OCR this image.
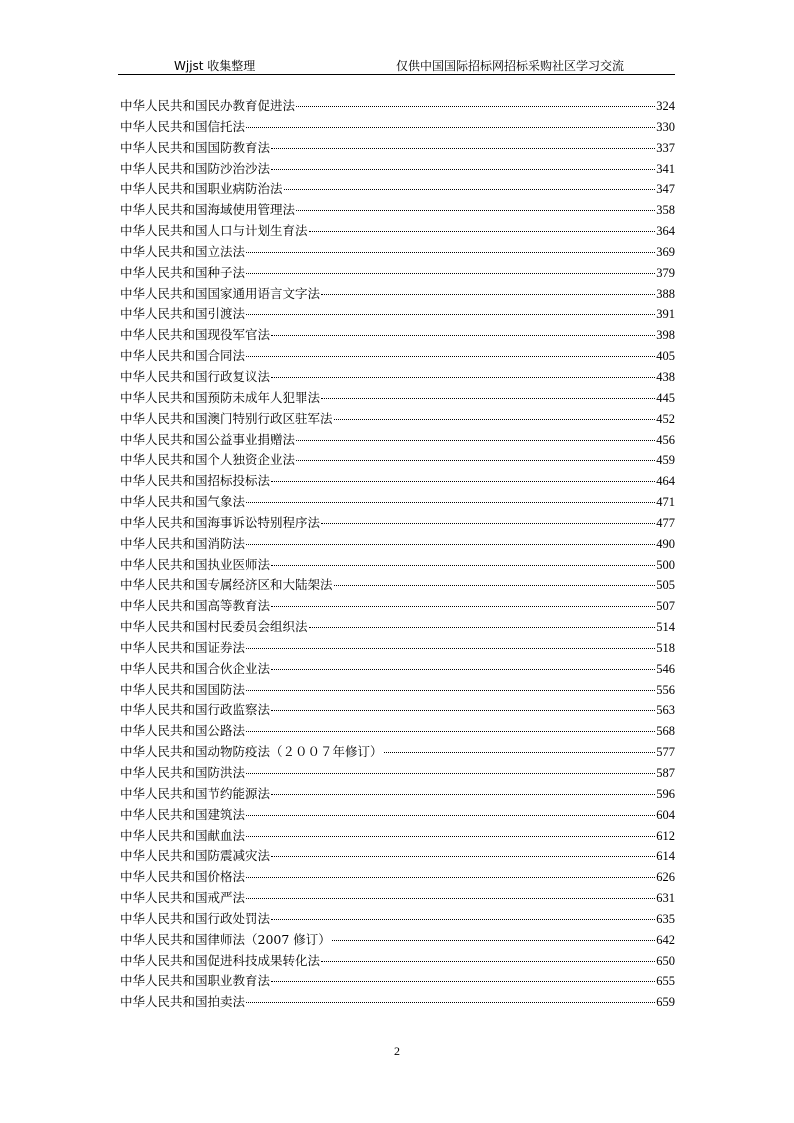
Wjjst 收集整理	仅供中国国际招标网招标采购社区学习交流
中华人民共和国民办教育促进法	324
中华人民共和国信托法	330
中华人民共和国国防教育法	337
中华人民共和国防沙治沙法	341
中华人民共和国职业病防治法	347
中华人民共和国海域使用管理法	358
中华人民共和国人口与计划生育法	364
中华人民共和国立法法	369
中华人民共和国种子法	379
中华人民共和国国家通用语言文字法	388
中华人民共和国引渡法	391
中华人民共和国现役军官法	398
中华人民共和国合同法	405
中华人民共和国行政复议法	438
中华人民共和国预防未成年人犯罪法	445
中华人民共和国澳门特别行政区驻军法	452
中华人民共和国公益事业捐赠法	456
中华人民共和国个人独资企业法	459
中华人民共和国招标投标法	464
中华人民共和国气象法	471
中华人民共和国海事诉讼特别程序法	477
中华人民共和国消防法	490
中华人民共和国执业医师法	500
中华人民共和国专属经济区和大陆架法	505
中华人民共和国高等教育法	507
中华人民共和国村民委员会组织法	514
中华人民共和国证券法	518
中华人民共和国合伙企业法	546
中华人民共和国国防法	556
中华人民共和国行政监察法	563
中华人民共和国公路法	568
中华人民共和国动物防疫法（２００７年修订）	577
中华人民共和国防洪法	587
中华人民共和国节约能源法	596
中华人民共和国建筑法	604
中华人民共和国献血法	612
中华人民共和国防震减灾法	614
中华人民共和国价格法	626
中华人民共和国戒严法	631
中华人民共和国行政处罚法	635
中华人民共和国律师法（2007 修订）	642
中华人民共和国促进科技成果转化法	650
中华人民共和国职业教育法	655
中华人民共和国拍卖法	659
2
